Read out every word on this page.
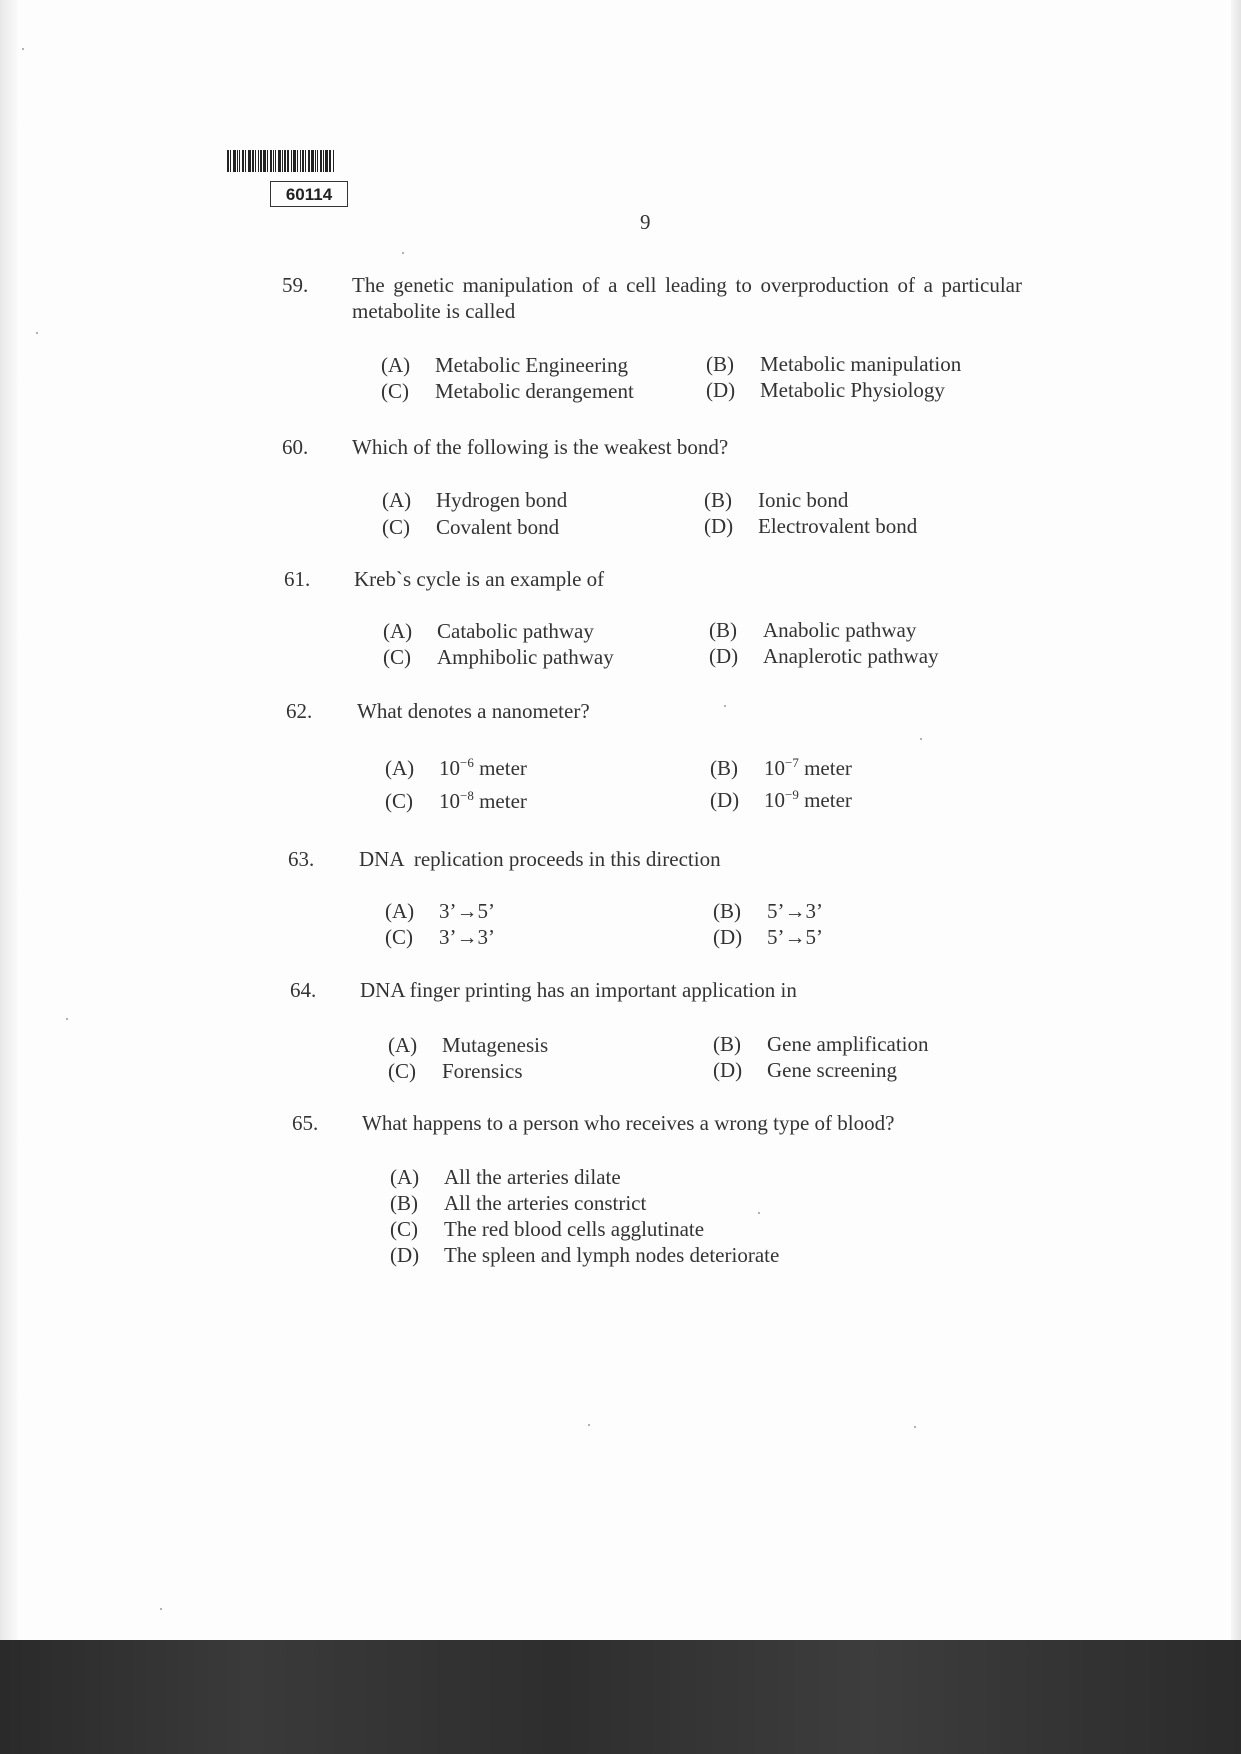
60114
9
59. The genetic manipulation of a cell leading to overproduction of a particular metabolite is called
(A) Metabolic Engineering	(B) Metabolic manipulation
(C) Metabolic derangement	(D) Metabolic Physiology
60. Which of the following is the weakest bond?
(A) Hydrogen bond	(B) Ionic bond
(C) Covalent bond	(D) Electrovalent bond
61. Kreb`s cycle is an example of
(A) Catabolic pathway	(B) Anabolic pathway
(C) Amphibolic pathway	(D) Anaplerotic pathway
62. What denotes a nanometer?
(A) $10^{-6}$ meter	(B) $10^{-7}$ meter
(C) $10^{-8}$ meter	(D) $10^{-9}$ meter
63. DNA  replication proceeds in this direction
(A) 3’→5’	(B) 5’→3’
(C) 3’→3’	(D) 5’→5’
64. DNA finger printing has an important application in
(A) Mutagenesis	(B) Gene amplification
(C) Forensics	(D) Gene screening
65. What happens to a person who receives a wrong type of blood?
(A) All the arteries dilate
(B) All the arteries constrict
(C) The red blood cells agglutinate
(D) The spleen and lymph nodes deteriorate
